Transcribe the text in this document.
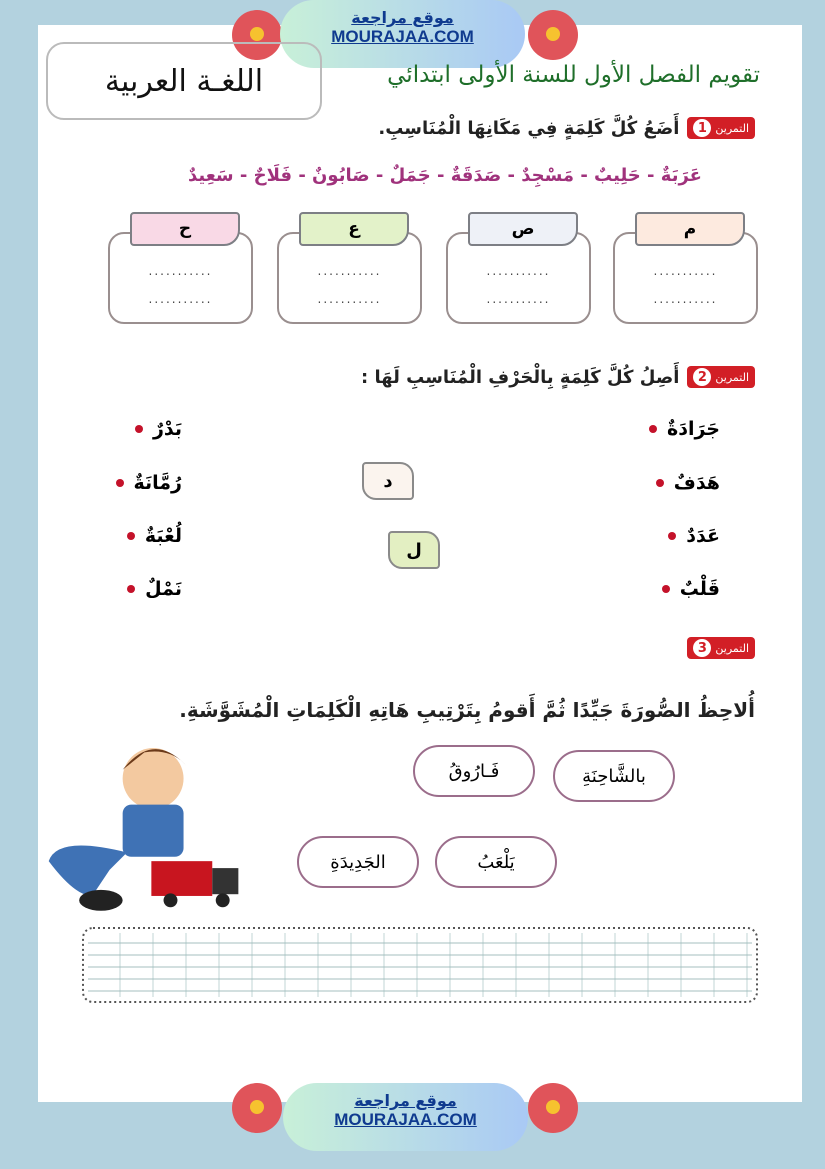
موقع مراجعة
MOURAJAA.COM
اللغـة العربية	تقويم الفصل الأول للسنة الأولى ابتدائي
التمرين
1
أَضَعُ كُلَّ كَلِمَةٍ فِي مَكَانِهَا الْمُنَاسِبِ.
عَرَبَةٌ - حَلِيبٌ - مَسْجِدٌ - صَدَقَةٌ - جَمَلٌ - صَابُونٌ - فَلَاحٌ - سَعِيدٌ
م
...........
...........
ص
...........
...........
ع
...........
...........
ح
...........
...........
التمرين
2
أَصِلُ كُلَّ كَلِمَةٍ بِالْحَرْفِ الْمُنَاسِبِ لَهَا :
جَرَادَةٌ
هَدَفٌ
عَدَدٌ
قَلْبٌ
بَدْرٌ
رُمَّانَةٌ
لُعْبَةٌ
نَمْلٌ
د
ل
التمرين
3
أُلاحِظُ الصُّورَةَ جَيِّدًا ثُمَّ أَقومُ بِتَرْتِيبِ هَاتِهِ الْكَلِمَاتِ الْمُشَوَّشَةِ.
بالشَّاحِنَةِ
فَـارُوقُ
يَلْعَبُ
الجَدِيدَةِ
موقع مراجعة
MOURAJAA.COM
